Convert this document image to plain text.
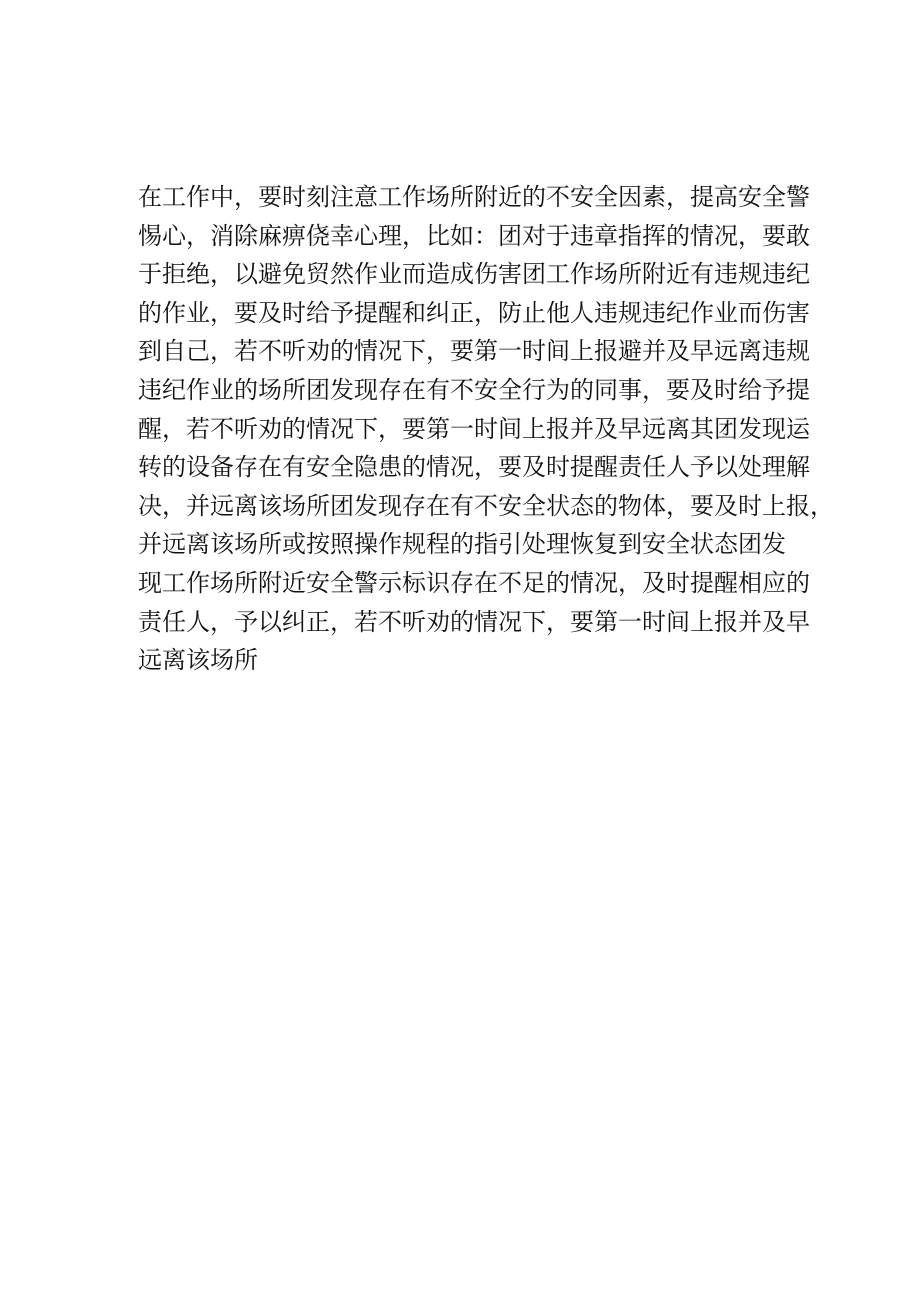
在工作中，要时刻注意工作场所附近的不安全因素，提高安全警
惕心，消除麻痹侥幸心理，比如：团对于违章指挥的情况，要敢
于拒绝，以避免贸然作业而造成伤害团工作场所附近有违规违纪
的作业，要及时给予提醒和纠正，防止他人违规违纪作业而伤害
到自己，若不听劝的情况下，要第一时间上报避并及早远离违规
违纪作业的场所团发现存在有不安全行为的同事，要及时给予提
醒，若不听劝的情况下，要第一时间上报并及早远离其团发现运
转的设备存在有安全隐患的情况，要及时提醒责任人予以处理解
决，并远离该场所团发现存在有不安全状态的物体，要及时上报，
并远离该场所或按照操作规程的指引处理恢复到安全状态团发
现工作场所附近安全警示标识存在不足的情况，及时提醒相应的
责任人，予以纠正，若不听劝的情况下，要第一时间上报并及早
远离该场所
